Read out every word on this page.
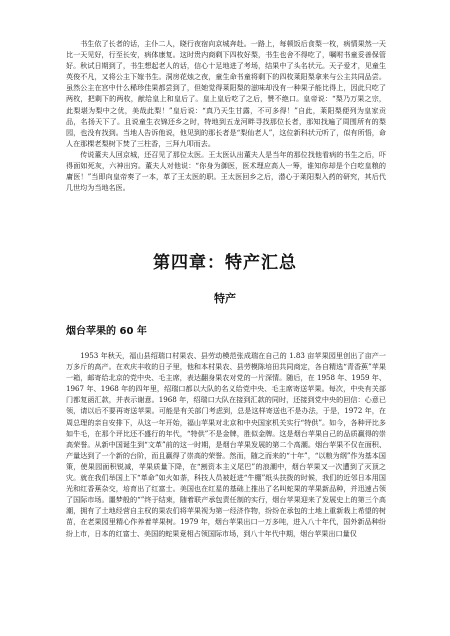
书生依了长者的话，主仆二人，晓行夜宿向京城奔赴。一路上，每顿饭后食梨一枚，病情果然一天比一天见好，行至长安，病体康复。这时贵内商剩下四枚好梨，书生也舍不得吃了，嘱咐书童妥善保管好。秋试日期到了，书生想起老人的话，信心十足地进了考场，结果中了头名状元。天子爱才，见童生英俊不凡，又将公主下嫁书生。洞房花烛之夜，童生命书童将剩下的四枚莱阳梨拿来与公主共同品尝。虽然公主在宫中什么稀珍佳果都尝到了，但她觉得莱阳梨的滋味却没有一种果子能比得上，因此只吃了两枚，把剩下的两枚，献给皇上和皇后了。皇上皇后吃了之后，赞不绝口。皇帝说：“梨乃万果之宗，此梨堪为梨中之优，美哉此梨！”皇后说：“真乃天生甘露，不可多得！”自此，莱阳梨便列为皇家贡品，名扬天下了。且说童生衣锦还乡之时，特地到五龙河畔寻找那位长者，那知找遍了周围所有的梨园，也没有找到。当地人告诉他说，他见到的那长者是“梨仙老人”，这位新科状元听了，似有所悟，命人在那棵老梨树下焚了三柱香，三拜九叩而去。

传说董夫人回京城，还召见了那位太医。王太医认出董夫人是当年的那位找他看病的书生之后，吓得面如死灰，六神出窍。董夫人对他说：“你身为御医，医术理应高人一筹，谁知你却是个白吃皇粮的庸医！”当即向皇帝奏了一本，革了王太医的职。王太医回乡之后，潜心于莱阳梨入药的研究，其后代几世均为当地名医。

第四章：特产汇总
特产
烟台苹果的 60 年

1953 年秋天，福山县绍瑞口村果农、县劳动模范张成瑞在自己的 1.83 亩苹果园里创出了亩产一万多斤的高产。在欢庆丰收的日子里，他和本村果农、县劳模陈培田共同商定，各自精选“青香蕉”苹果一箱，邮寄给北京的党中央、毛主席，表达翻身果农对党的一片深情。随后，在 1958 年、1959 年、1967 年、1968 年的四年里，绍瑞口都以大队的名义给党中央、毛主席寄送苹果。每次，中央有关部门都复函汇款，并表示谢意。1968 年，绍瑞口大队在接到汇款的同时，还接到党中央的回信：心意已领，请以后不要再寄送苹果。可能是有关部门考虑到，总是这样寄送也不是办法，于是，1972 年，在周总理的亲自安排下，从这一年开始，福山苹果对北京和中央国家机关实行“特供”。如今，各种评比多如牛毛，在那个评比还不盛行的年代，“特供”不是金牌，胜似金牌。这是烟台苹果自己的品质赢得的崇高荣誉。从新中国诞生到“文革”前的这一时期，是烟台苹果发展的第二个高潮。烟台苹果不仅在面积、产量达到了一个新的台阶，而且赢得了崇高的荣誉。然而，随之而来的“十年”，“以粮为纲”作为基本国策，使果园面积锐减，苹果质量下降，在“割资本主义尾巴”的浪潮中，烟台苹果又一次遭到了灭顶之灾。就在我们举国上下“革命”如火如荼，科技人员被赶进“牛棚”纸头扶拨的时候，我们的近邻日本用国光和红香蕉杂交，培育出了红富士。美国也在红星的基础上推出了名叫蛇果的苹果新品种，并迅速占领了国际市场。噩梦般的“”终于结束，随着联产承包责任制的实行，烟台苹果迎来了发展史上的第三个高潮，拥有了土地经营自主权的果农们将苹果视为第一经济作物，纷纷在承包的土地上重新栽上希望的树苗，在老果园里精心作养着苹果树。1979 年，烟台苹果出口一万多吨，进入八十年代，国外新品种纷纷上市，日本的红富士、美国的蛇果竟相占领国际市场，到八十年代中期，烟台苹果出口量仅
